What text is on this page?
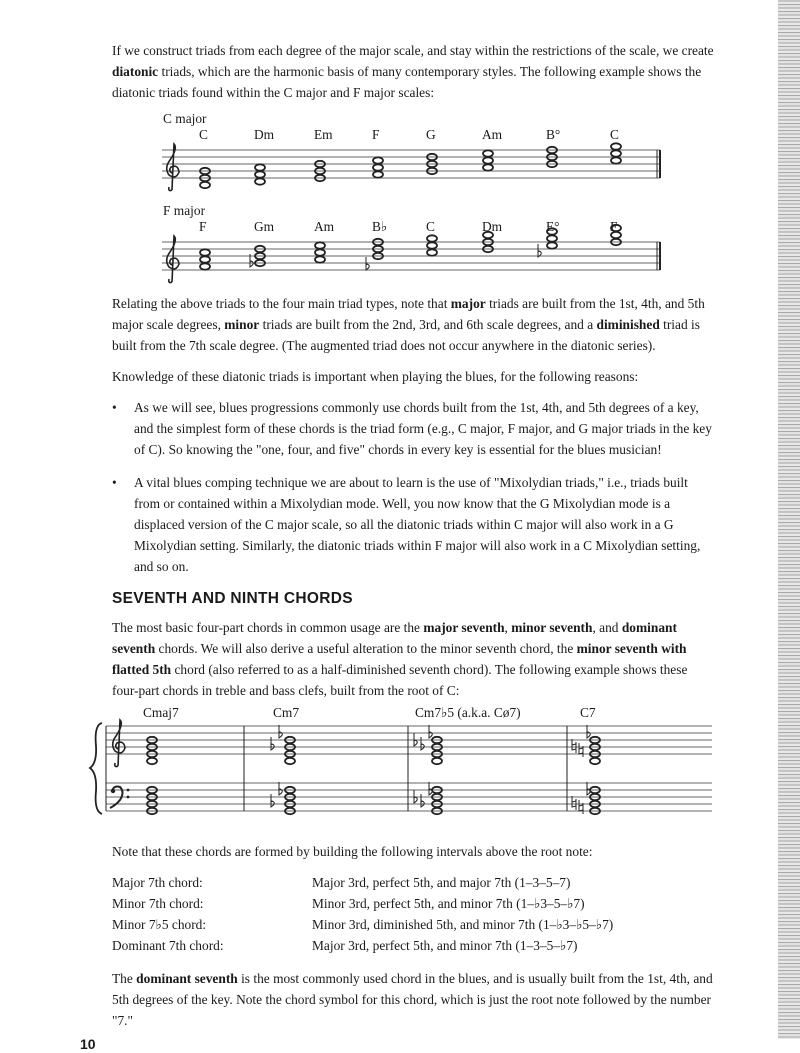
If we construct triads from each degree of the major scale, and stay within the restrictions of the scale, we create diatonic triads, which are the harmonic basis of many contemporary styles. The following example shows the diatonic triads found within the C major and F major scales:

C major
F major
C	Dm	Em	F	G	Am	B°	C
F	Gm	Am	B♭	C	Dm	E°	F

Relating the above triads to the four main triad types, note that major triads are built from the 1st, 4th, and 5th major scale degrees, minor triads are built from the 2nd, 3rd, and 6th scale degrees, and a diminished triad is built from the 7th scale degree. (The augmented triad does not occur anywhere in the diatonic series).

Knowledge of these diatonic triads is important when playing the blues, for the following reasons:

• As we will see, blues progressions commonly use chords built from the 1st, 4th, and 5th degrees of a key, and the simplest form of these chords is the triad form (e.g., C major, F major, and G major triads in the key of C). So knowing the "one, four, and five" chords in every key is essential for the blues musician!
• A vital blues comping technique we are about to learn is the use of "Mixolydian triads," i.e., triads built from or contained within a Mixolydian mode. Well, you now know that the G Mixolydian mode is a displaced version of the C major scale, so all the diatonic triads within C major will also work in a G Mixolydian setting. Similarly, the diatonic triads within F major will also work in a C Mixolydian setting, and so on.
SEVENTH AND NINTH CHORDS

The most basic four-part chords in common usage are the major seventh, minor seventh, and dominant seventh chords. We will also derive a useful alteration to the minor seventh chord, the minor seventh with flatted 5th chord (also referred to as a half-diminished seventh chord). The following example shows these four-part chords in treble and bass clefs, built from the root of C:

Cmaj7	Cm7	Cm7♭5 (a.k.a. Cø7)	C7

Note that these chords are formed by building the following intervals above the root note:

Major 7th chord:	Major 3rd, perfect 5th, and major 7th (1–3–5–7)
Minor 7th chord:	Minor 3rd, perfect 5th, and minor 7th (1–♭3–5–♭7)
Minor 7♭5 chord:	Minor 3rd, diminished 5th, and minor 7th (1–♭3–♭5–♭7)
Dominant 7th chord:	Major 3rd, perfect 5th, and minor 7th (1–3–5–♭7)

The dominant seventh is the most commonly used chord in the blues, and is usually built from the 1st, 4th, and 5th degrees of the key. Note the chord symbol for this chord, which is just the root note followed by the number "7."

10
